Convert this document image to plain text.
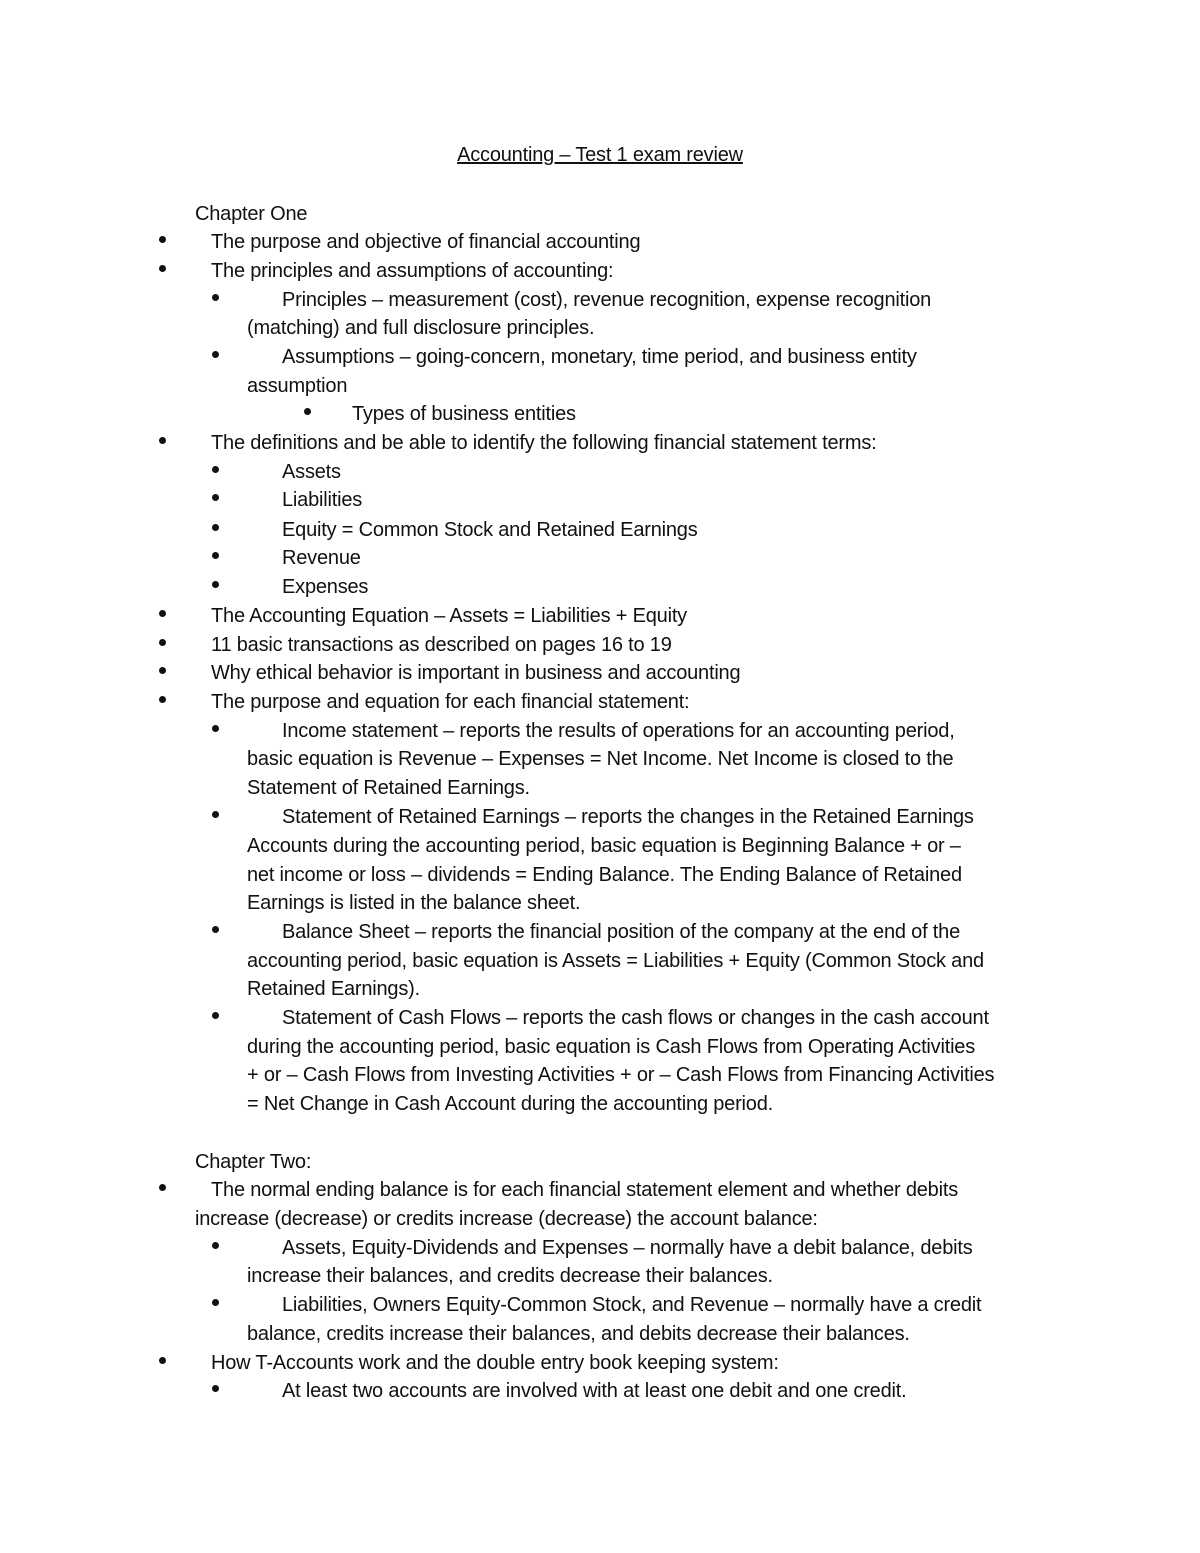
Accounting – Test 1 exam review
Chapter One
The purpose and objective of financial accounting
The principles and assumptions of accounting:
Principles – measurement (cost), revenue recognition, expense recognition
(matching) and full disclosure principles.
Assumptions – going-concern, monetary, time period, and business entity
assumption
Types of business entities
The definitions and be able to identify the following financial statement terms:
Assets
Liabilities
Equity = Common Stock and Retained Earnings
Revenue
Expenses
The Accounting Equation – Assets = Liabilities + Equity
11 basic transactions as described on pages 16 to 19
Why ethical behavior is important in business and accounting
The purpose and equation for each financial statement:
Income statement – reports the results of operations for an accounting period,
basic equation is Revenue – Expenses = Net Income. Net Income is closed to the
Statement of Retained Earnings.
Statement of Retained Earnings – reports the changes in the Retained Earnings
Accounts during the accounting period, basic equation is Beginning Balance + or –
net income or loss – dividends = Ending Balance. The Ending Balance of Retained
Earnings is listed in the balance sheet.
Balance Sheet – reports the financial position of the company at the end of the
accounting period, basic equation is Assets = Liabilities + Equity (Common Stock and
Retained Earnings).
Statement of Cash Flows – reports the cash flows or changes in the cash account
during the accounting period, basic equation is Cash Flows from Operating Activities
+ or – Cash Flows from Investing Activities + or – Cash Flows from Financing Activities
= Net Change in Cash Account during the accounting period.
Chapter Two:
The normal ending balance is for each financial statement element and whether debits
increase (decrease) or credits increase (decrease) the account balance:
Assets, Equity-Dividends and Expenses – normally have a debit balance, debits
increase their balances, and credits decrease their balances.
Liabilities, Owners Equity-Common Stock, and Revenue – normally have a credit
balance, credits increase their balances, and debits decrease their balances.
How T-Accounts work and the double entry book keeping system:
At least two accounts are involved with at least one debit and one credit.
